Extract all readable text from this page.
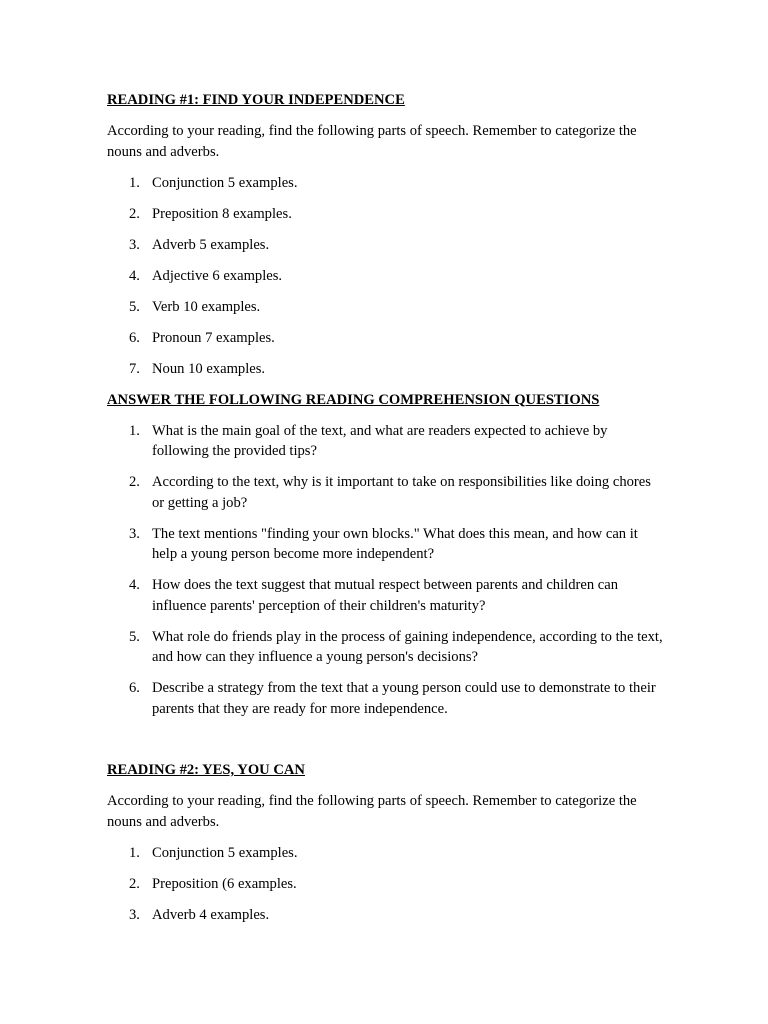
READING #1: FIND YOUR INDEPENDENCE

According to your reading, find the following parts of speech. Remember to categorize the nouns and adverbs.

1. Conjunction 5 examples.
2. Preposition 8 examples.
3. Adverb 5 examples.
4. Adjective 6 examples.
5. Verb 10 examples.
6. Pronoun 7 examples.
7. Noun 10 examples.

ANSWER THE FOLLOWING READING COMPREHENSION QUESTIONS

1. What is the main goal of the text, and what are readers expected to achieve by following the provided tips?
2. According to the text, why is it important to take on responsibilities like doing chores or getting a job?
3. The text mentions "finding your own blocks." What does this mean, and how can it help a young person become more independent?
4. How does the text suggest that mutual respect between parents and children can influence parents' perception of their children's maturity?
5. What role do friends play in the process of gaining independence, according to the text, and how can they influence a young person's decisions?
6. Describe a strategy from the text that a young person could use to demonstrate to their parents that they are ready for more independence.

READING #2: YES, YOU CAN

According to your reading, find the following parts of speech. Remember to categorize the nouns and adverbs.

1. Conjunction 5 examples.
2. Preposition (6 examples.
3. Adverb 4 examples.
